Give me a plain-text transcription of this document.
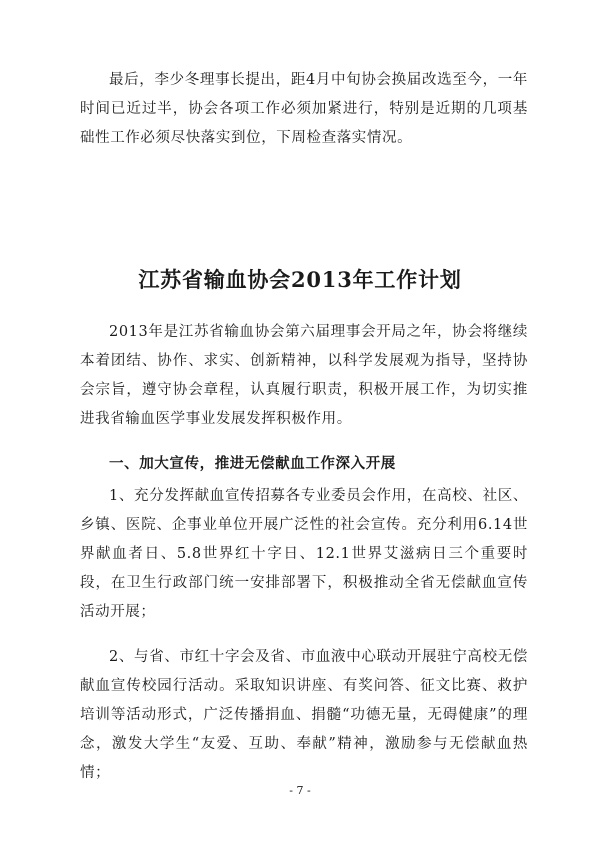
最后，李少冬理事长提出，距4月中旬协会换届改选至今，一年时间已近过半，协会各项工作必须加紧进行，特别是近期的几项基础性工作必须尽快落实到位，下周检查落实情况。

江苏省输血协会2013年工作计划

2013年是江苏省输血协会第六届理事会开局之年，协会将继续本着团结、协作、求实、创新精神，以科学发展观为指导，坚持协会宗旨，遵守协会章程，认真履行职责，积极开展工作，为切实推进我省输血医学事业发展发挥积极作用。

一、加大宣传，推进无偿献血工作深入开展

1、充分发挥献血宣传招募各专业委员会作用，在高校、社区、乡镇、医院、企事业单位开展广泛性的社会宣传。充分利用6.14世界献血者日、5.8世界红十字日、12.1世界艾滋病日三个重要时段，在卫生行政部门统一安排部署下，积极推动全省无偿献血宣传活动开展；

2、与省、市红十字会及省、市血液中心联动开展驻宁高校无偿献血宣传校园行活动。采取知识讲座、有奖问答、征文比赛、救护培训等活动形式，广泛传播捐血、捐髓“功德无量，无碍健康”的理念，激发大学生“友爱、互助、奉献”精神，激励参与无偿献血热情；

- 7 -
